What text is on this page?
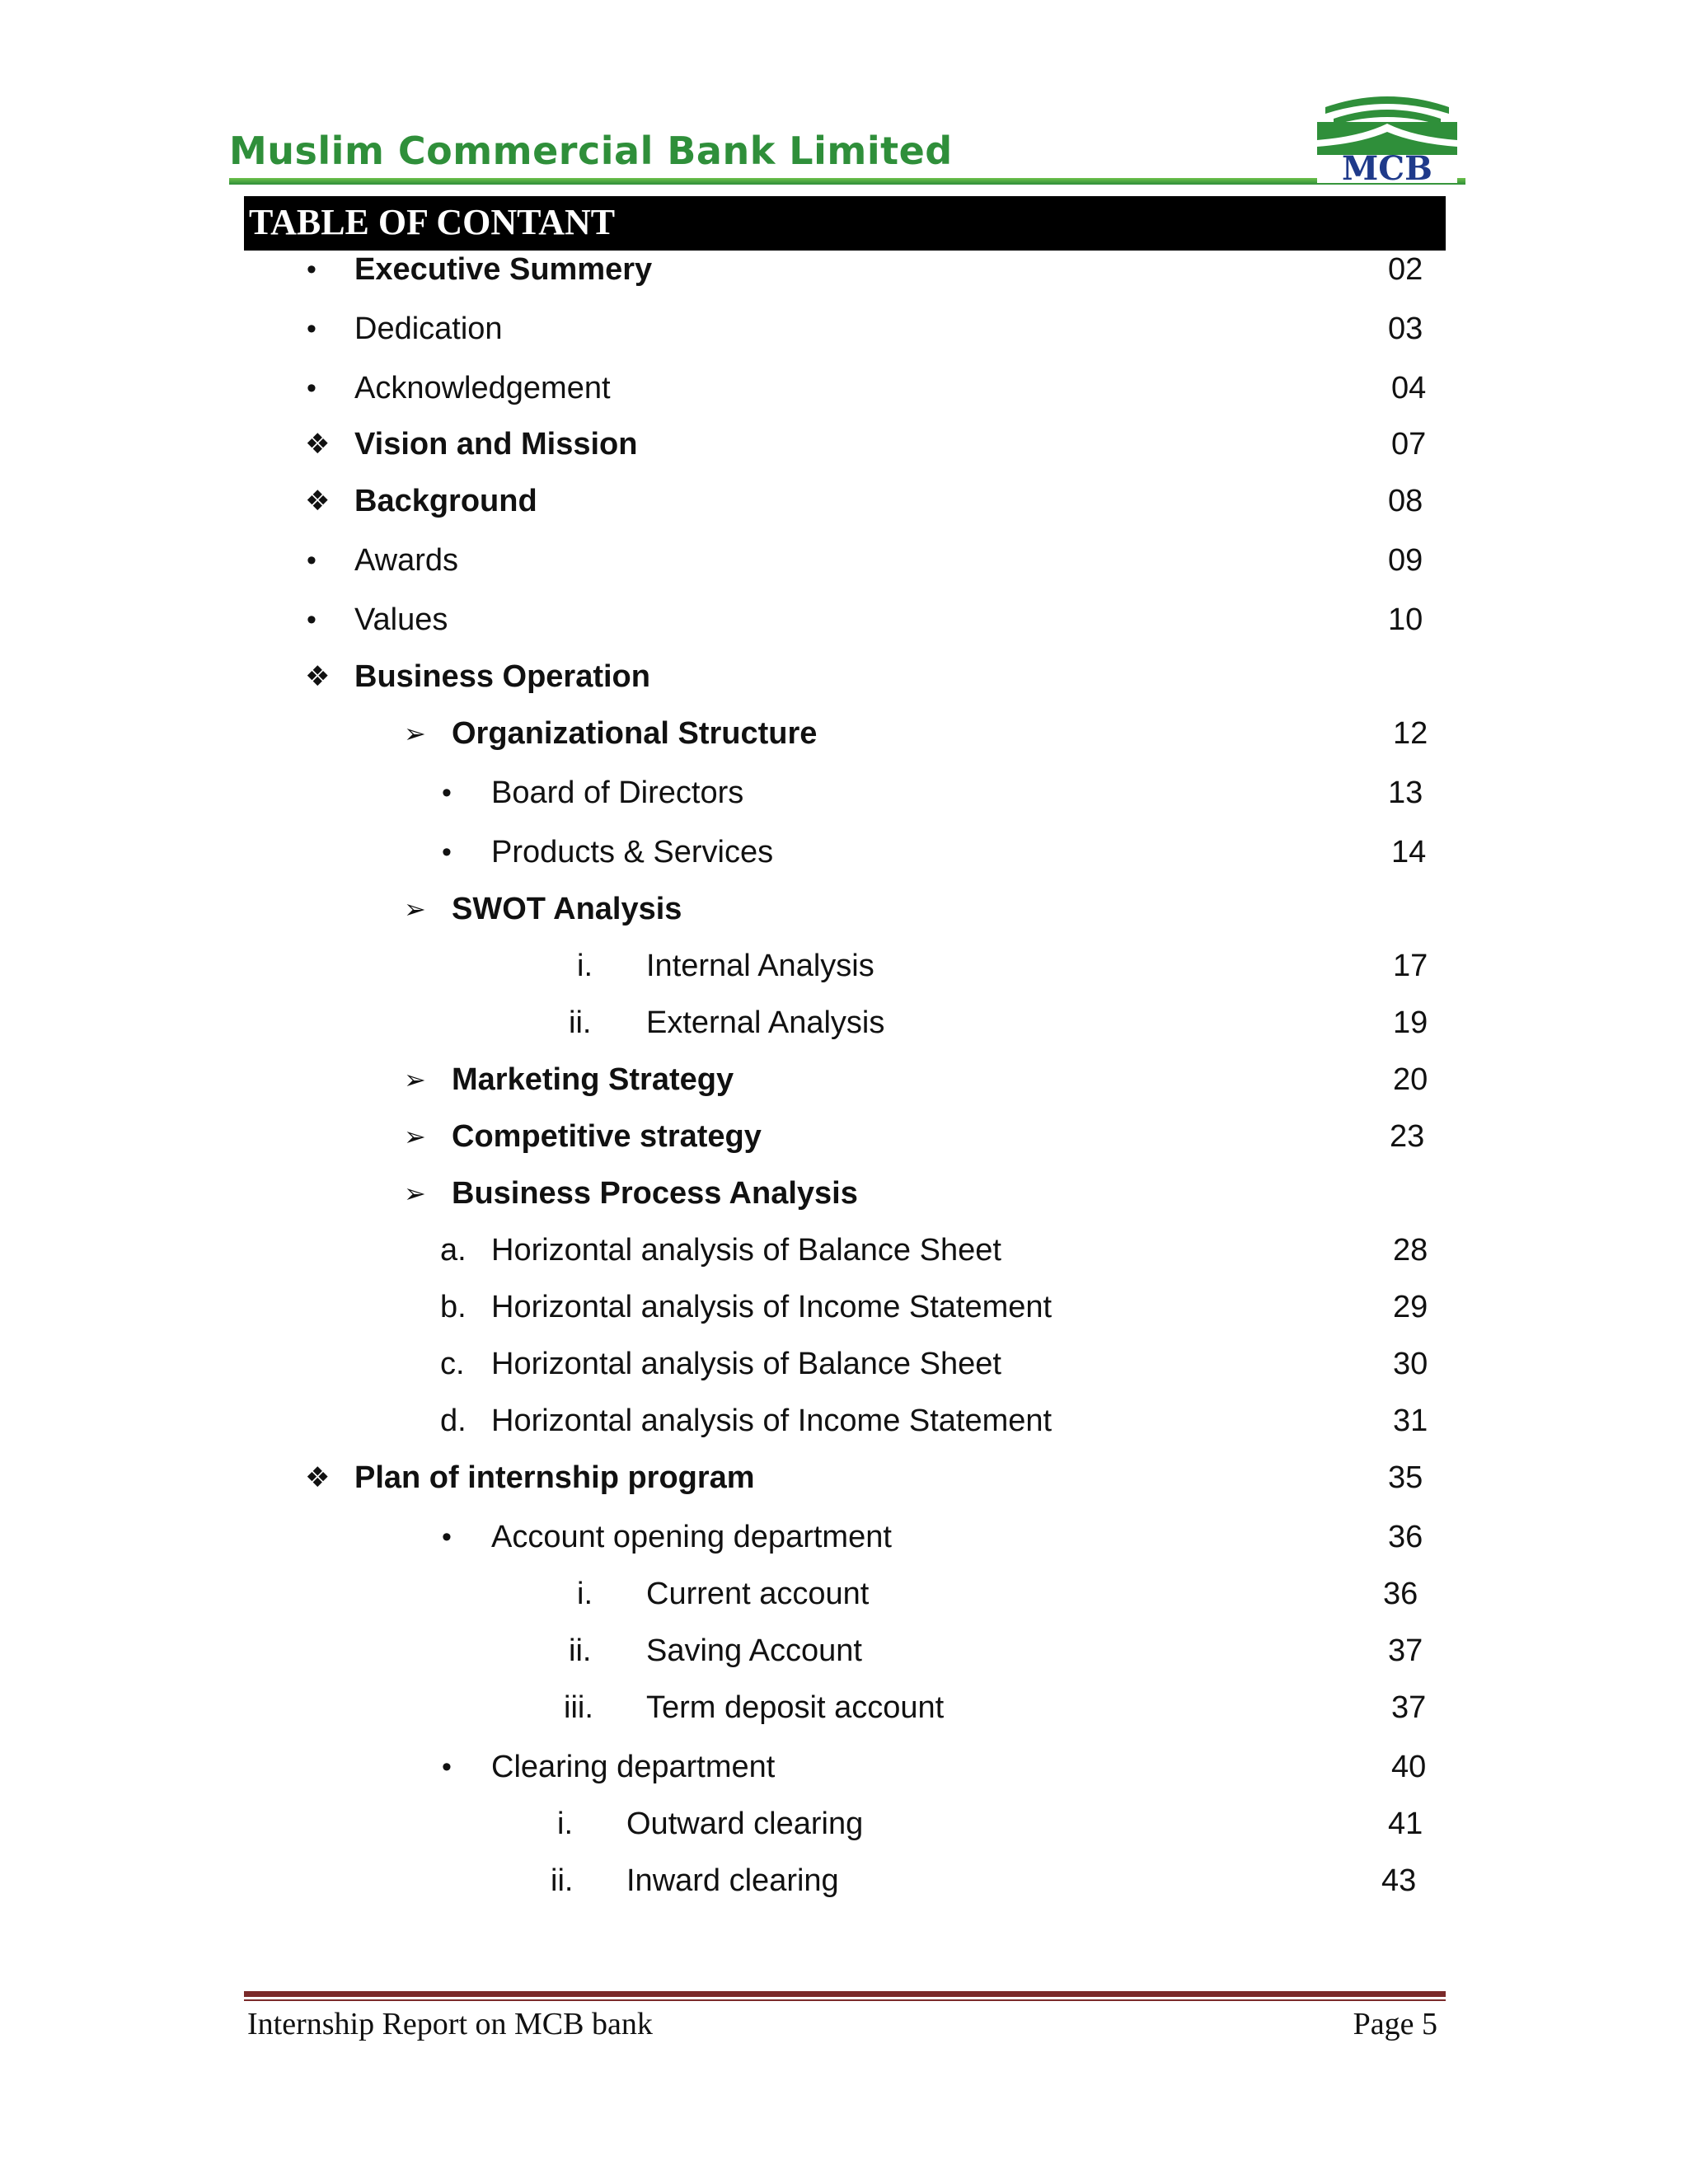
Muslim Commercial Bank Limited	MCB
TABLE OF CONTANT
• Executive Summery	02
• Dedication	03
• Acknowledgement	04
❖ Vision and Mission	07
❖ Background	08
• Awards	09
• Values	10
❖ Business Operation
➢ Organizational Structure	12
• Board of Directors	13
• Products & Services	14
➢ SWOT Analysis
i. Internal Analysis	17
ii. External Analysis	19
➢ Marketing Strategy	20
➢ Competitive strategy	23
➢ Business Process Analysis
a. Horizontal analysis of Balance Sheet	28
b. Horizontal analysis of Income Statement	29
c. Horizontal analysis of Balance Sheet	30
d. Horizontal analysis of Income Statement	31
❖ Plan of internship program	35
• Account opening department	36
i. Current account	36
ii. Saving Account	37
iii. Term deposit account	37
• Clearing department	40
i. Outward clearing	41
ii. Inward clearing	43
Internship Report on MCB bank	Page 5
